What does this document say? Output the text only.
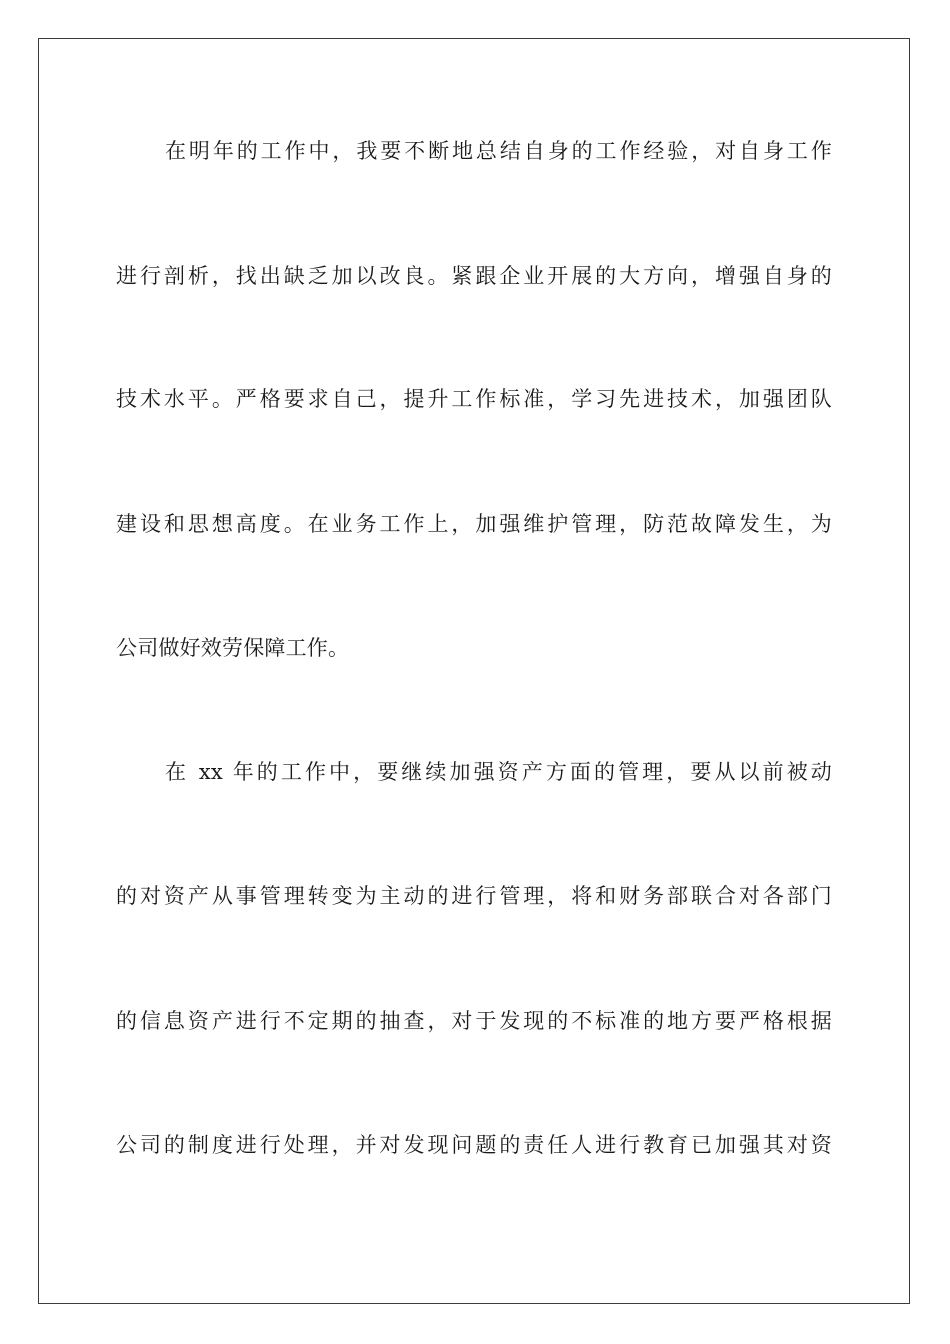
在明年的工作中，我要不断地总结自身的工作经验，对自身工作
进行剖析，找出缺乏加以改良。紧跟企业开展的大方向，增强自身的
技术水平。严格要求自己，提升工作标准，学习先进技术，加强团队
建设和思想高度。在业务工作上，加强维护管理，防范故障发生，为
公司做好效劳保障工作。
在 xx 年的工作中，要继续加强资产方面的管理，要从以前被动
的对资产从事管理转变为主动的进行管理，将和财务部联合对各部门
的信息资产进行不定期的抽查，对于发现的不标准的地方要严格根据
公司的制度进行处理，并对发现问题的责任人进行教育已加强其对资
